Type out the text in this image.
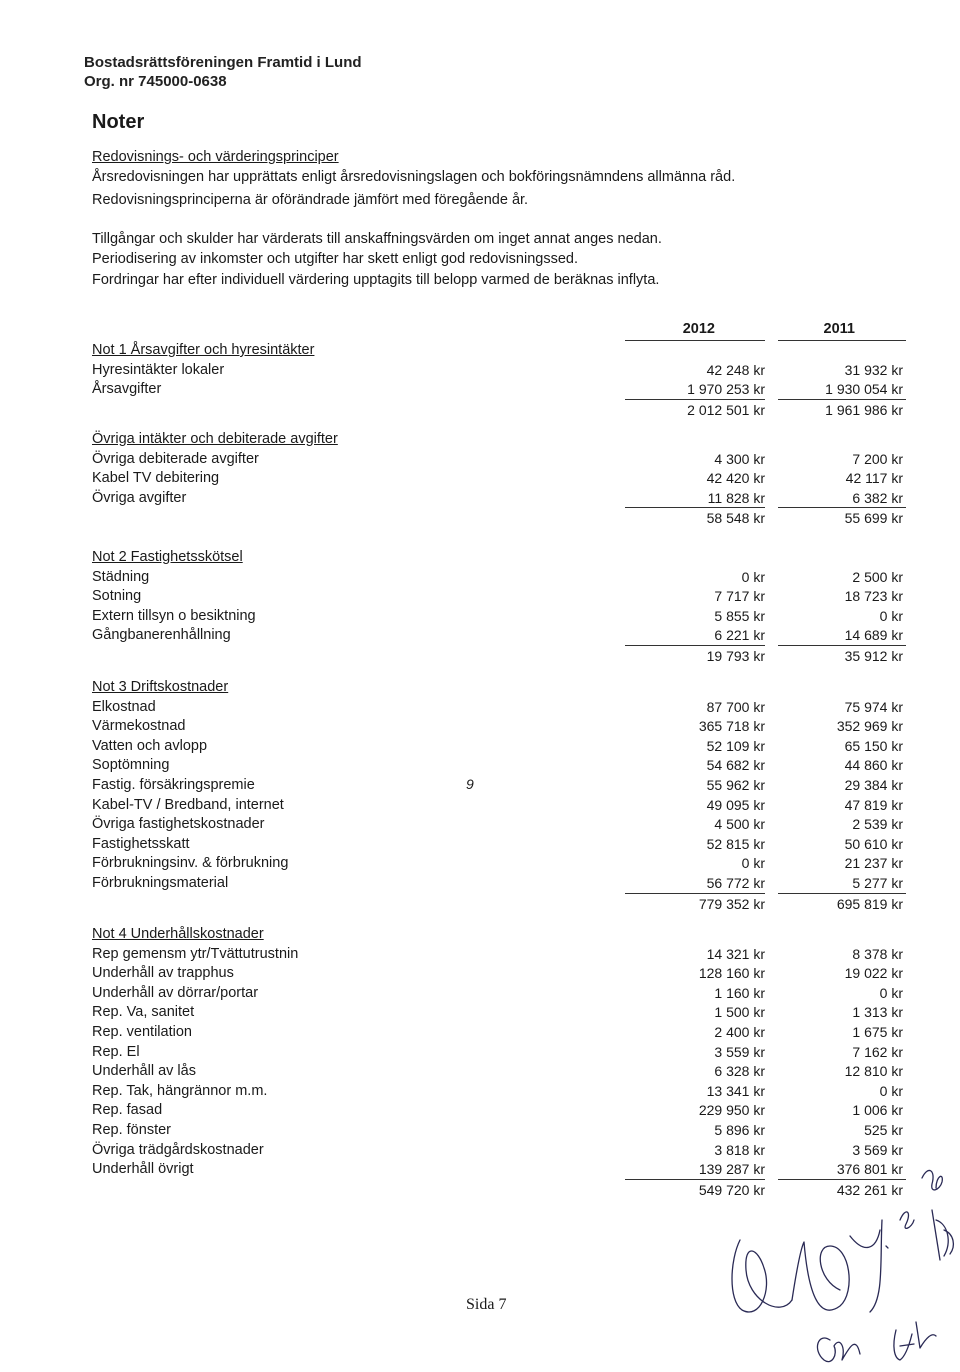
Bostadsrättsföreningen Framtid i Lund
Org. nr 745000-0638
Noter
Redovisnings- och värderingsprinciper
Årsredovisningen har upprättats enligt årsredovisningslagen och bokföringsnämndens allmänna råd.
Redovisningsprinciperna är oförändrade jämfört med föregående år.
Tillgångar och skulder har värderats till anskaffningsvärden om inget annat anges nedan.
Periodisering av inkomster och utgifter har skett enligt god redovisningssed.
Fordringar har efter individuell värdering upptagits till belopp varmed de beräknas inflyta.
2012	2011
Not 1 Årsavgifter och hyresintäkter
Hyresintäkter lokaler	42 248 kr	31 932 kr
Årsavgifter	1 970 253 kr	1 930 054 kr
2 012 501 kr	1 961 986 kr
Övriga intäkter och debiterade avgifter
Övriga debiterade avgifter	4 300 kr	7 200 kr
Kabel TV debitering	42 420 kr	42 117 kr
Övriga avgifter	11 828 kr	6 382 kr
58 548 kr	55 699 kr
Not 2 Fastighetsskötsel
Städning	0 kr	2 500 kr
Sotning	7 717 kr	18 723 kr
Extern tillsyn o besiktning	5 855 kr	0 kr
Gångbanerenhållning	6 221 kr	14 689 kr
19 793 kr	35 912 kr
Not 3 Driftskostnader
Elkostnad	87 700 kr	75 974 kr
Värmekostnad	365 718 kr	352 969 kr
Vatten och avlopp	52 109 kr	65 150 kr
Soptömning	54 682 kr	44 860 kr
Fastig. försäkringspremie	55 962 kr	29 384 kr
Kabel-TV / Bredband, internet	49 095 kr	47 819 kr
Övriga fastighetskostnader	4 500 kr	2 539 kr
Fastighetsskatt	52 815 kr	50 610 kr
Förbrukningsinv. & förbrukning	0 kr	21 237 kr
Förbrukningsmaterial	56 772 kr	5 277 kr
779 352 kr	695 819 kr
Not 4 Underhållskostnader
Rep gemensm ytr/Tvättutrustnin	14 321 kr	8 378 kr
Underhåll av trapphus	128 160 kr	19 022 kr
Underhåll av dörrar/portar	1 160 kr	0 kr
Rep. Va, sanitet	1 500 kr	1 313 kr
Rep. ventilation	2 400 kr	1 675 kr
Rep. El	3 559 kr	7 162 kr
Underhåll av lås	6 328 kr	12 810 kr
Rep. Tak, hängrännor m.m.	13 341 kr	0 kr
Rep. fasad	229 950 kr	1 006 kr
Rep. fönster	5 896 kr	525 kr
Övriga trädgårdskostnader	3 818 kr	3 569 kr
Underhåll övrigt	139 287 kr	376 801 kr
549 720 kr	432 261 kr
9
Sida 7
